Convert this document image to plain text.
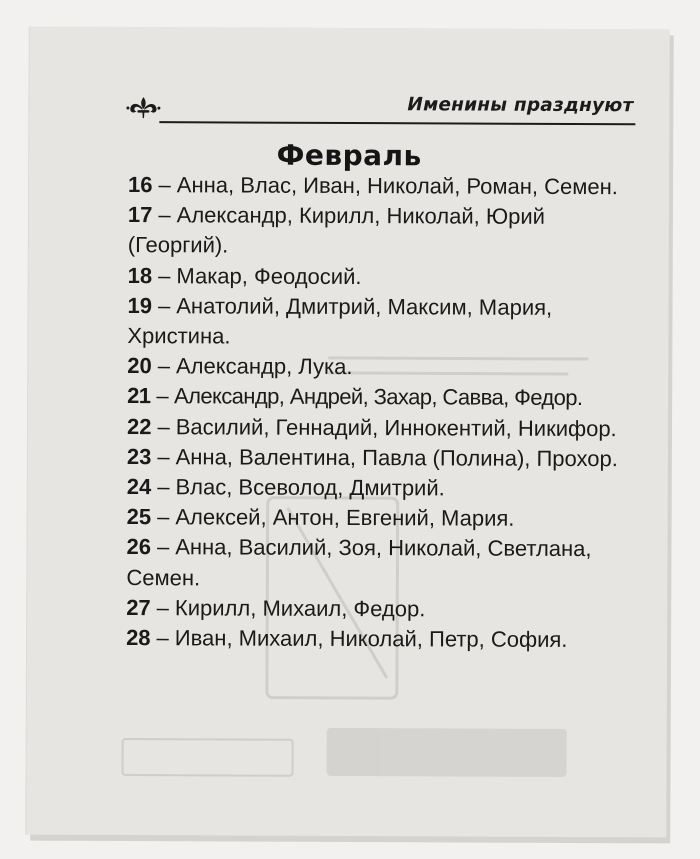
Именины празднуют
Февраль

16 – Анна, Влас, Иван, Николай, Роман, Семен.

17 – Александр, Кирилл, Николай, Юрий (Георгий).

18 – Макар, Феодосий.

19 – Анатолий, Дмитрий, Максим, Мария, Христина.

20 – Александр, Лука.

21 – Александр, Андрей, Захар, Савва, Федор.

22 – Василий, Геннадий, Иннокентий, Никифор.

23 – Анна, Валентина, Павла (Полина), Прохор.

24 – Влас, Всеволод, Дмитрий.

25 – Алексей, Антон, Евгений, Мария.

26 – Анна, Василий, Зоя, Николай, Светлана, Семен.

27 – Кирилл, Михаил, Федор.

28 – Иван, Михаил, Николай, Петр, София.
